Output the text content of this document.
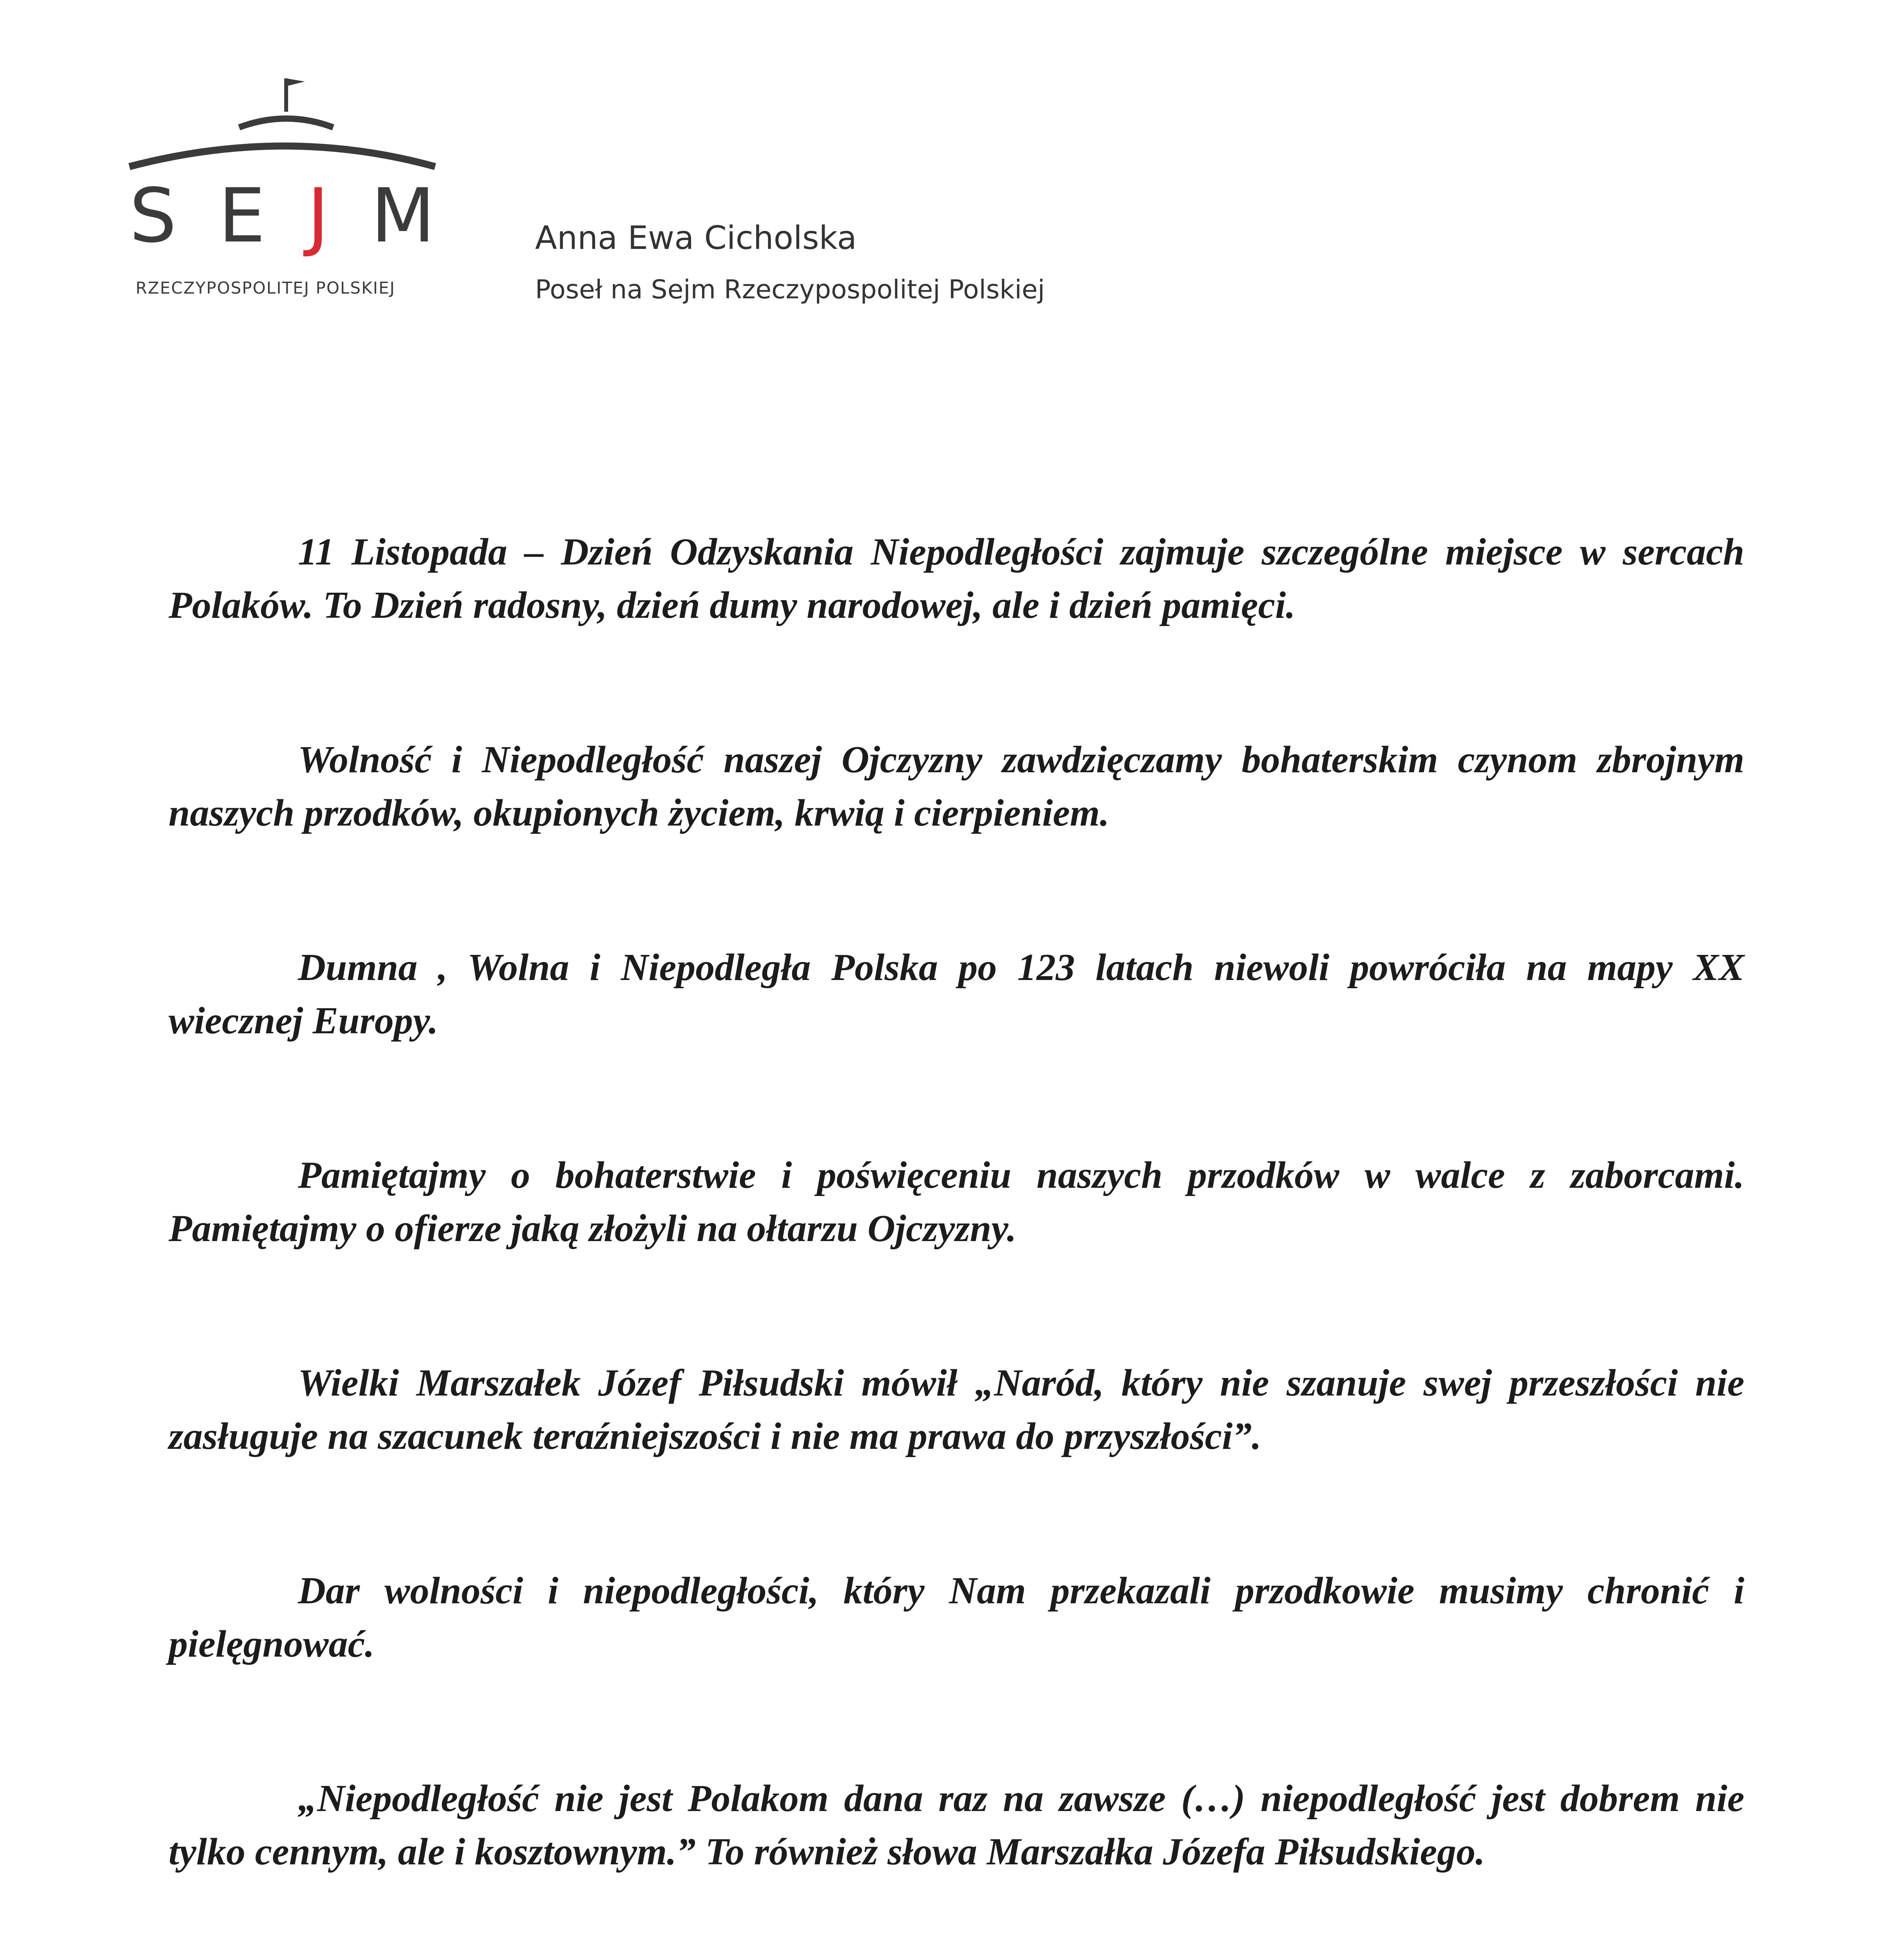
S E J M
RZECZYPOSPOLITEJ POLSKIEJ
Anna Ewa Cicholska
Poseł na Sejm Rzeczypospolitej Polskiej

11 Listopada – Dzień Odzyskania Niepodległości zajmuje szczególne miejsce w sercach Polaków. To Dzień radosny, dzień dumy narodowej, ale i dzień pamięci.

Wolność i Niepodległość naszej Ojczyzny zawdzięczamy bohaterskim czynom zbrojnym naszych przodków, okupionych życiem, krwią i cierpieniem.

Dumna , Wolna i Niepodległa Polska po 123 latach niewoli powróciła na mapy XX wiecznej Europy.

Pamiętajmy o bohaterstwie i poświęceniu naszych przodków w walce z zaborcami. Pamiętajmy o ofierze jaką złożyli na ołtarzu Ojczyzny.

Wielki Marszałek Józef Piłsudski mówił „Naród, który nie szanuje swej przeszłości nie zasługuje na szacunek teraźniejszości i nie ma prawa do przyszłości”.

Dar wolności i niepodległości, który Nam przekazali przodkowie musimy chronić i pielęgnować.

„Niepodległość nie jest Polakom dana raz na zawsze (…) niepodległość jest dobrem nie tylko cennym, ale i kosztownym.” To również słowa Marszałka Józefa Piłsudskiego.
